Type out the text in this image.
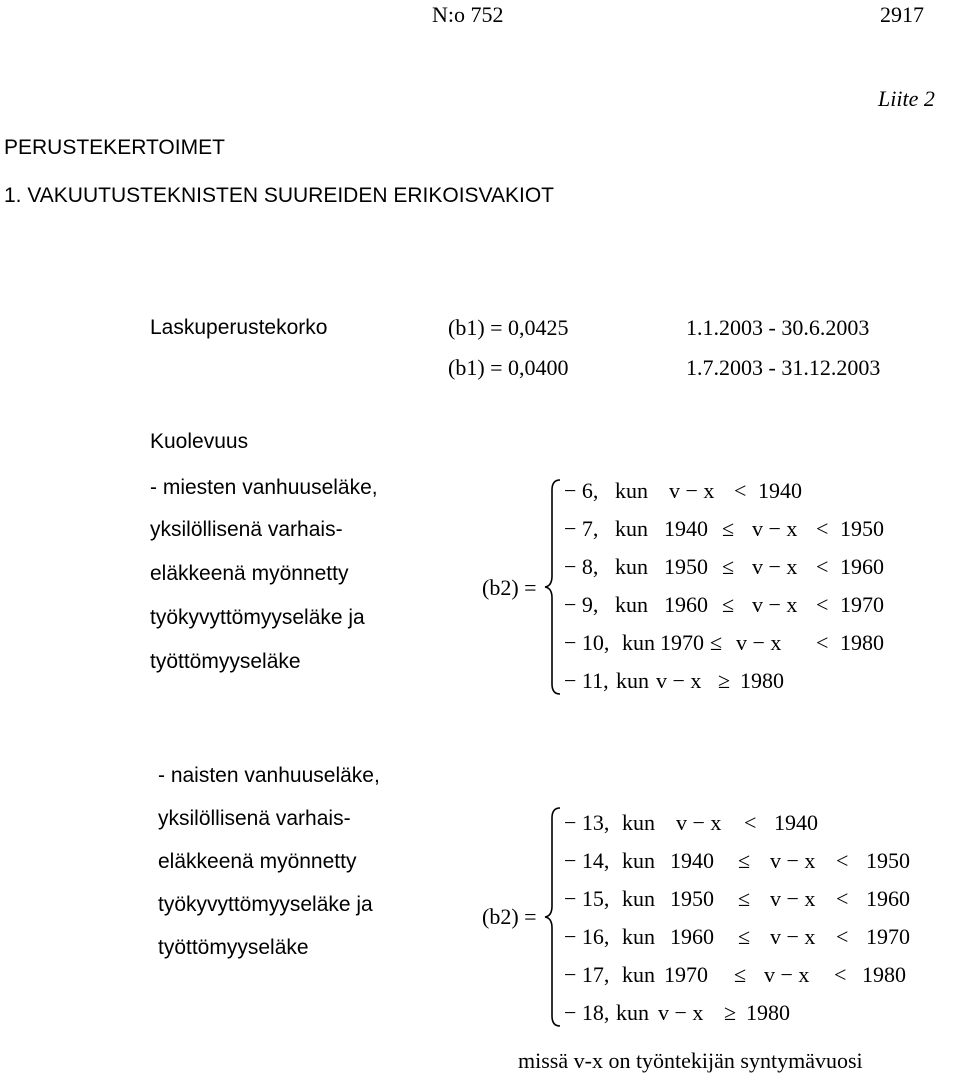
N:o 752	2917
Liite 2
PERUSTEKERTOIMET
1. VAKUUTUSTEKNISTEN SUUREIDEN ERIKOISVAKIOT
Laskuperustekorko	(b1) = 0,0425	1.1.2003 - 30.6.2003
(b1) = 0,0400	1.7.2003 - 31.12.2003
Kuolevuus
- miesten vanhuuseläke,
yksilöllisenä varhais-
eläkkeenä myönnetty
työkyvyttömyyseläke ja
työttömyyseläke
(b2) =
− 6, kun v − x < 1940
− 7, kun 1940 ≤ v − x < 1950
− 8, kun 1950 ≤ v − x < 1960
− 9, kun 1960 ≤ v − x < 1970
− 10, kun 1970 ≤ v − x < 1980
− 11, kun v − x ≥ 1980
- naisten vanhuuseläke,
yksilöllisenä varhais-
eläkkeenä myönnetty
työkyvyttömyyseläke ja
työttömyyseläke
(b2) =
− 13, kun v − x < 1940
− 14, kun 1940 ≤ v − x < 1950
− 15, kun 1950 ≤ v − x < 1960
− 16, kun 1960 ≤ v − x < 1970
− 17, kun 1970 ≤ v − x < 1980
− 18, kun v − x ≥ 1980
missä v-x on työntekijän syntymävuosi
